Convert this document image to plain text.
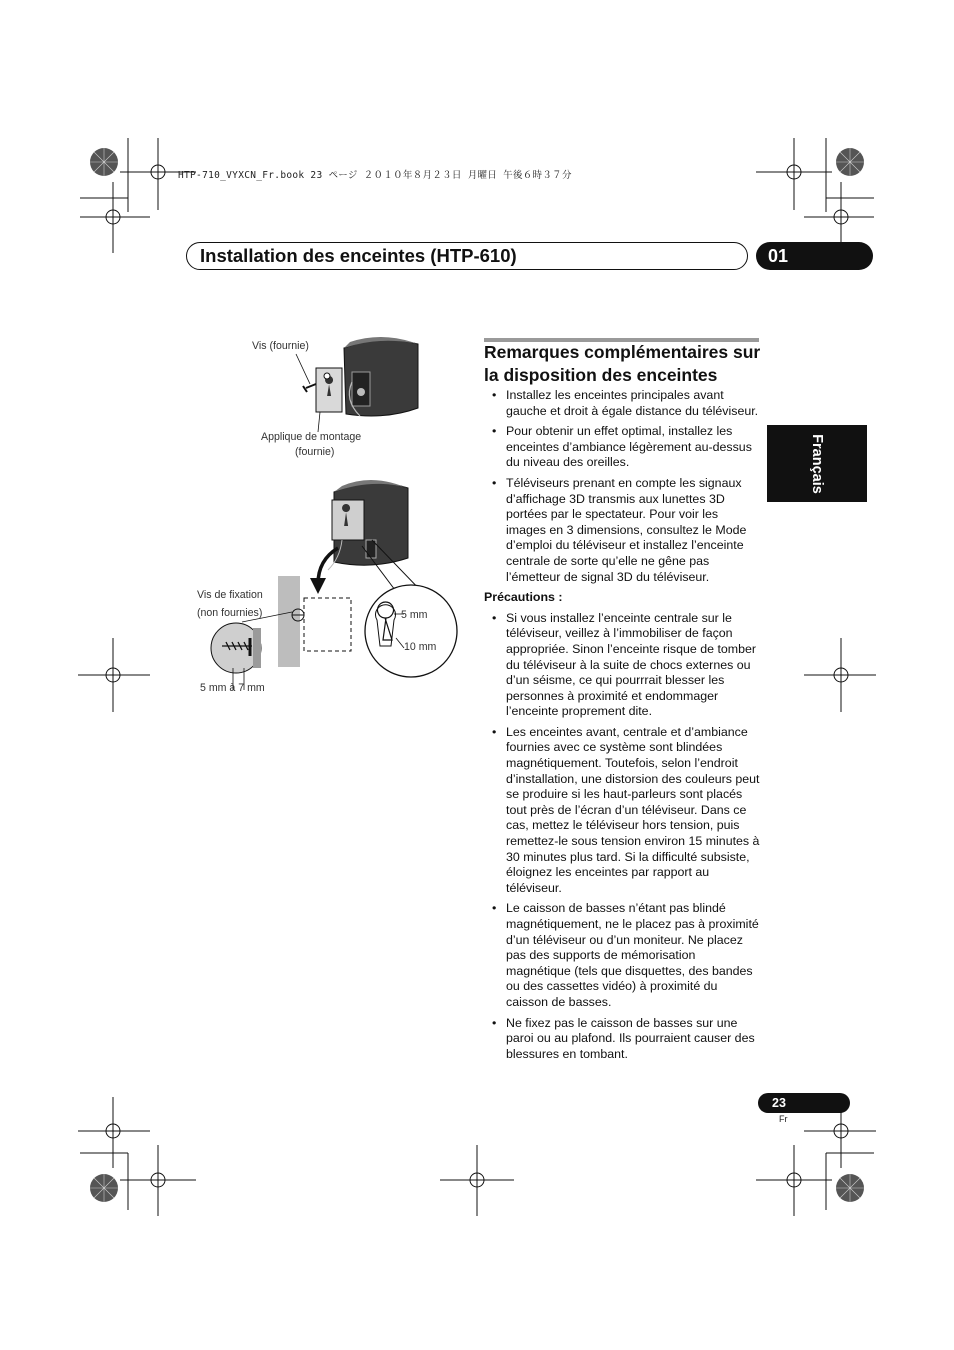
HTP-710_VYXCN_Fr.book 23 ページ ２０１０年８月２３日 月曜日 午後６時３７分
Installation des enceintes (HTP-610)	01
Français
Vis (fournie)
Applique de montage
(fournie)
Vis de fixation
(non fournies)	5 mm
10 mm
5 mm à 7 mm
Remarques complémentaires sur la disposition des enceintes
• Installez les enceintes principales avant gauche et droit à égale distance du téléviseur.
• Pour obtenir un effet optimal, installez les enceintes d’ambiance légèrement au-dessus du niveau des oreilles.
• Téléviseurs prenant en compte les signaux d’affichage 3D transmis aux lunettes 3D portées par le spectateur. Pour voir les images en 3 dimensions, consultez le Mode d’emploi du téléviseur et installez l’enceinte centrale de sorte qu’elle ne gêne pas l’émetteur de signal 3D du téléviseur.
Précautions :
• Si vous installez l’enceinte centrale sur le téléviseur, veillez à l’immobiliser de façon appropriée. Sinon l’enceinte risque de tomber du téléviseur à la suite de chocs externes ou d’un séisme, ce qui pourrrait blesser les personnes à proximité et endommager l’enceinte proprement dite.
• Les enceintes avant, centrale et d’ambiance fournies avec ce système sont blindées magnétiquement. Toutefois, selon l’endroit d’installation, une distorsion des couleurs peut se produire si les haut-parleurs sont placés tout près de l’écran d’un téléviseur. Dans ce cas, mettez le téléviseur hors tension, puis remettez-le sous tension environ 15 minutes à 30 minutes plus tard. Si la difficulté subsiste, éloignez les enceintes par rapport au téléviseur.
• Le caisson de basses n’étant pas blindé magnétiquement, ne le placez pas à proximité d’un téléviseur ou d’un moniteur. Ne placez pas des supports de mémorisation magnétique (tels que disquettes, des bandes ou des cassettes vidéo) à proximité du caisson de basses.
• Ne fixez pas le caisson de basses sur une paroi ou au plafond. Ils pourraient causer des blessures en tombant.
23
Fr
